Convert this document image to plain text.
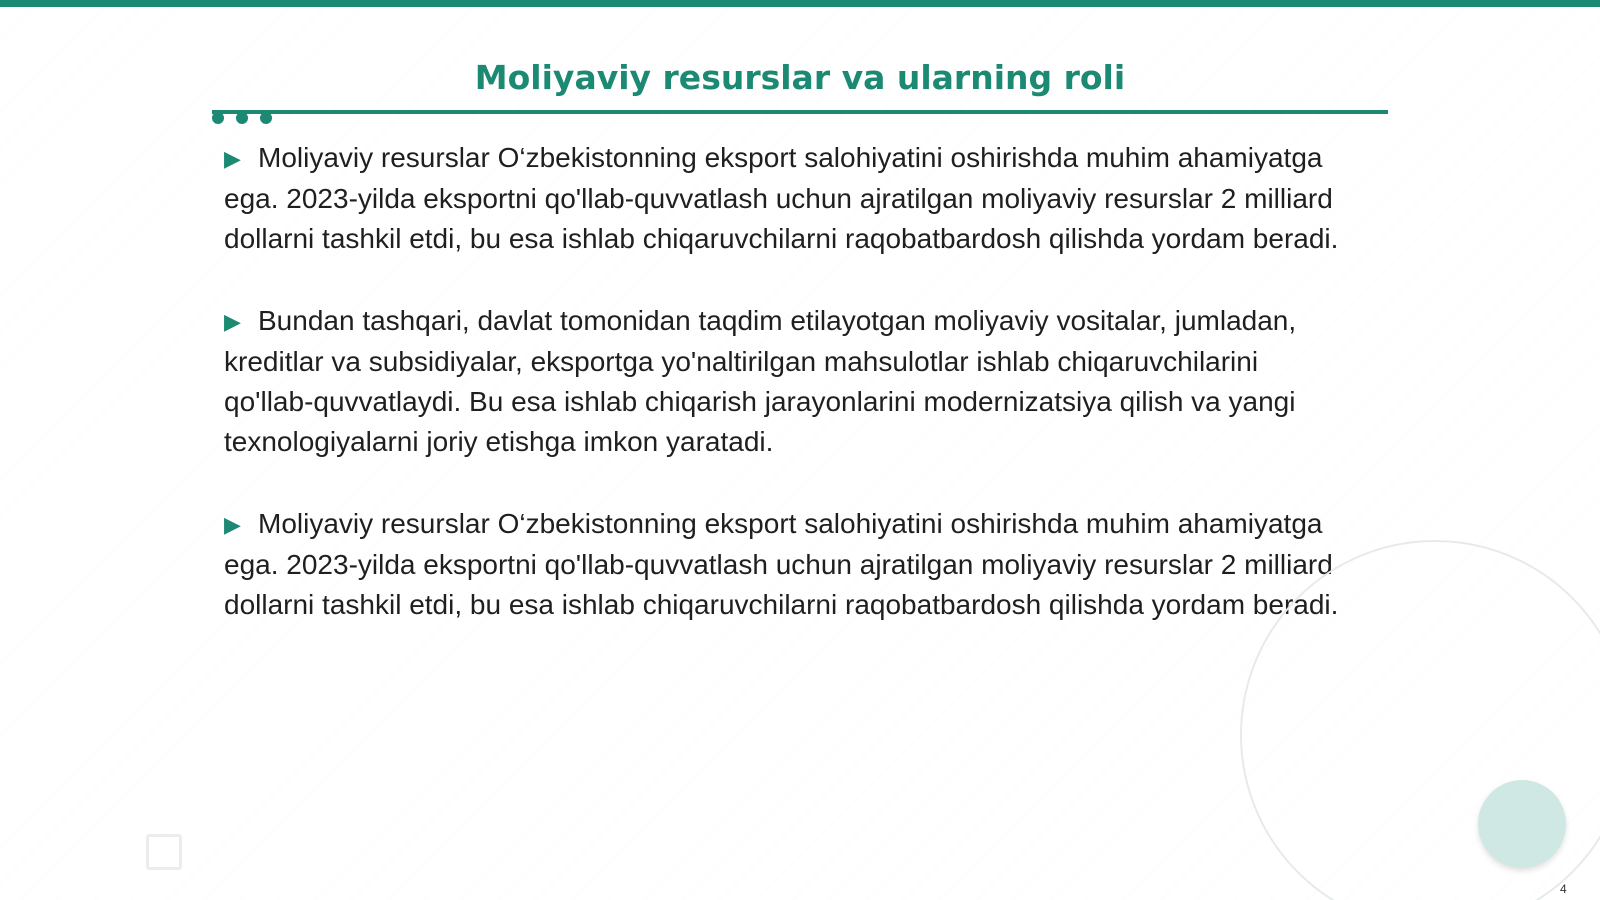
Moliyaviy resurslar va ularning roli
▶ Moliyaviy resurslar O‘zbekistonning eksport salohiyatini oshirishda muhim ahamiyatga ega. 2023-yilda eksportni qo'llab-quvvatlash uchun ajratilgan moliyaviy resurslar 2 milliard dollarni tashkil etdi, bu esa ishlab chiqaruvchilarni raqobatbardosh qilishda yordam beradi.
▶ Bundan tashqari, davlat tomonidan taqdim etilayotgan moliyaviy vositalar, jumladan, kreditlar va subsidiyalar, eksportga yo'naltirilgan mahsulotlar ishlab chiqaruvchilarini qo'llab-quvvatlaydi. Bu esa ishlab chiqarish jarayonlarini modernizatsiya qilish va yangi texnologiyalarni joriy etishga imkon yaratadi.
▶ Moliyaviy resurslar O‘zbekistonning eksport salohiyatini oshirishda muhim ahamiyatga ega. 2023-yilda eksportni qo'llab-quvvatlash uchun ajratilgan moliyaviy resurslar 2 milliard dollarni tashkil etdi, bu esa ishlab chiqaruvchilarni raqobatbardosh qilishda yordam beradi.
4
